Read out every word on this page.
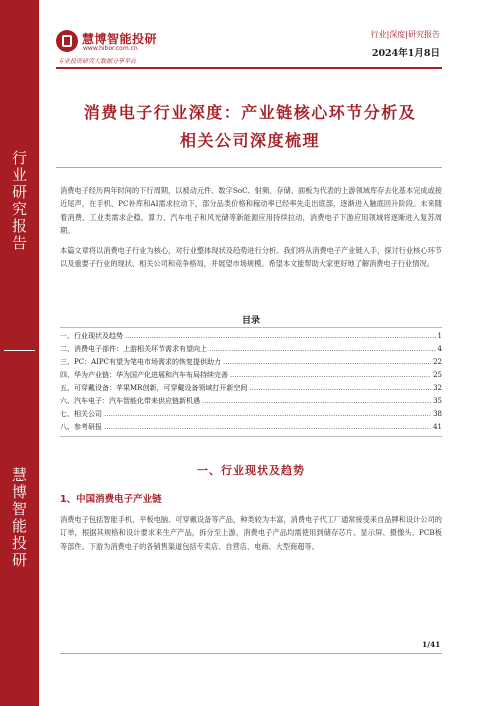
行
业
研
究
报
告
慧
博
智
能
投
研
慧博智能投研
www.hibor.com.cn
专业投资研究大数据分享平台
行业|深度|研究报告
2024年1月8日
消费电子行业深度：产业链核心环节分析及
相关公司深度梳理
消费电子经历两年时间的下行周期，以被动元件、数字SoC、射频、存储、面板为代表的上游领域库存去化基本完成或接近尾声，在手机、PC补库和AI需求拉动下，部分品类价格和稼动率已经率先走出底部，逐渐进入触底回升阶段。未来随着消费、工业类需求企稳，算力、汽车电子和风光储等新能源应用持续拉动，消费电子下游应用领域将逐渐进入复苏周期。
本篇文章将以消费电子行业为核心，对行业整体现状及趋势进行分析。我们将从消费电子产业链入手，探讨行业核心环节以及重要子行业的现状、相关公司和竞争格局，并展望市场规模。希望本文能帮助大家更好地了解消费电子行业情况。
目录
一、行业现状及趋势 .....	1
二、消费电子部件：上游相关环节需求有望向上 .....	4
三、PC：AIPC有望为笔电市场需求的恢复提供助力 .....	22
四、华为产业链：华为国产化进展和汽车布局持续完善 .....	25
五、可穿戴设备：苹果MR创新，可穿戴设备领域打开新空间 .....	32
六、汽车电子：汽车智能化带来供应链新机遇 .....	35
七、相关公司 .....	38
八、参考研报 .....	41
一、行业现状及趋势
1、中国消费电子产业链
消费电子包括智能手机、平板电脑、可穿戴设备等产品，种类较为丰富，消费电子代工厂通常接受来自品牌和设计公司的订单，根据其规格和设计要求来生产产品，拆分至上游，消费电子产品均需使用到储存芯片、显示屏、摄像头、PCB板等部件。下游为消费电子的各销售渠道包括专卖店、自营店、电商、大型商超等。
1/41
